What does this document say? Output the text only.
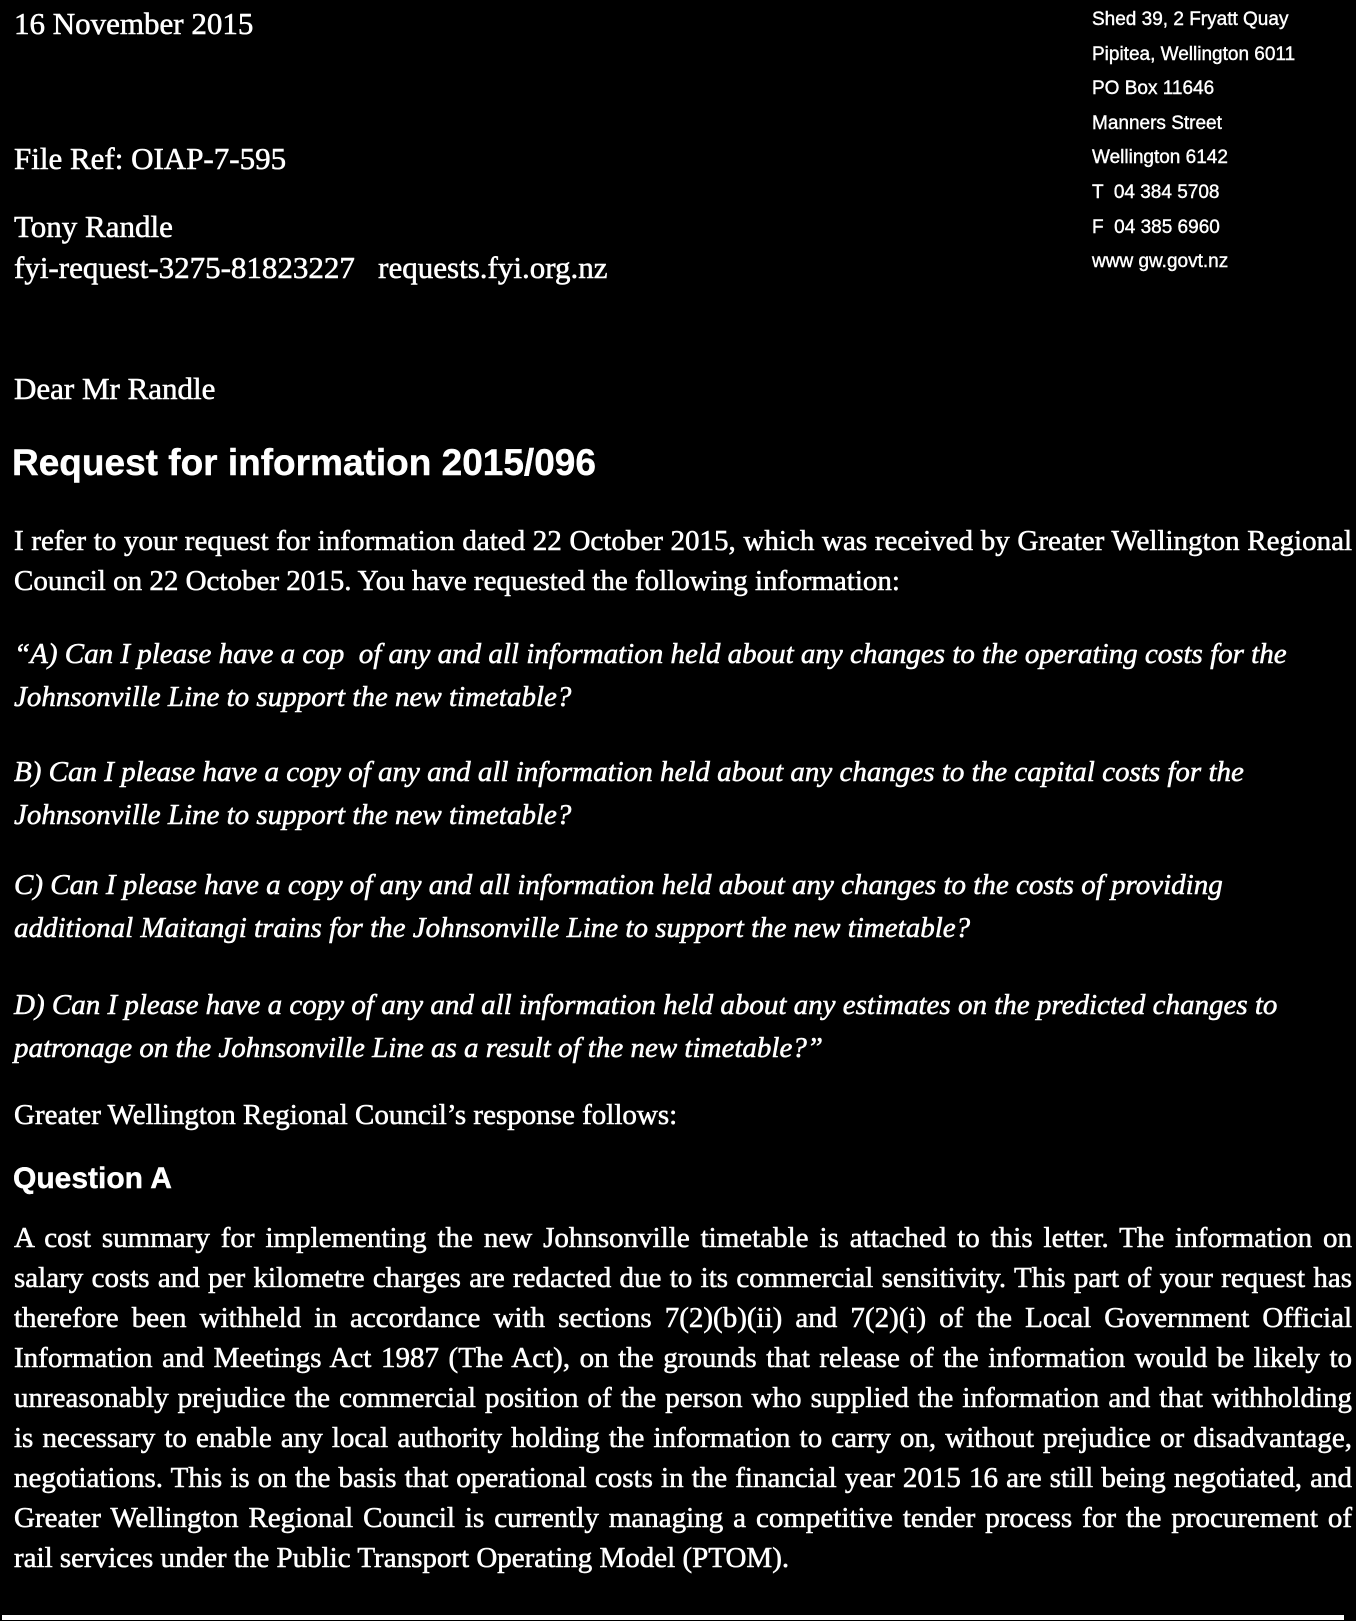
16 November 2015	Shed 39, 2 Fryatt Quay
Pipitea, Wellington 6011
PO Box 11646
Manners Street
Wellington 6142
T  04 384 5708
F  04 385 6960
www gw.govt.nz
File Ref: OIAP-7-595
Tony Randle
fyi-request-3275-81823227   requests.fyi.org.nz
Dear Mr Randle
Request for information 2015/096
I refer to your request for information dated 22 October 2015, which was received by Greater Wellington Regional Council on 22 October 2015. You have requested the following information:
“A) Can I please have a cop  of any and all information held about any changes to the operating costs for the Johnsonville Line to support the new timetable?
B) Can I please have a copy of any and all information held about any changes to the capital costs for the Johnsonville Line to support the new timetable?
C) Can I please have a copy of any and all information held about any changes to the costs of providing additional Maitangi trains for the Johnsonville Line to support the new timetable?
D) Can I please have a copy of any and all information held about any estimates on the predicted changes to patronage on the Johnsonville Line as a result of the new timetable?”
Greater Wellington Regional Council’s response follows:
Question A
A cost summary for implementing the new Johnsonville timetable is attached to this letter. The information on salary costs and per kilometre charges are redacted due to its commercial sensitivity. This part of your request has therefore been withheld in accordance with sections 7(2)(b)(ii) and 7(2)(i) of the Local Government Official Information and Meetings Act 1987 (The Act), on the grounds that release of the information would be likely to unreasonably prejudice the commercial position of the person who supplied the information and that withholding is necessary to enable any local authority holding the information to carry on, without prejudice or disadvantage, negotiations. This is on the basis that operational costs in the financial year 2015 16 are still being negotiated, and Greater Wellington Regional Council is currently managing a competitive tender process for the procurement of rail services under the Public Transport Operating Model (PTOM).
